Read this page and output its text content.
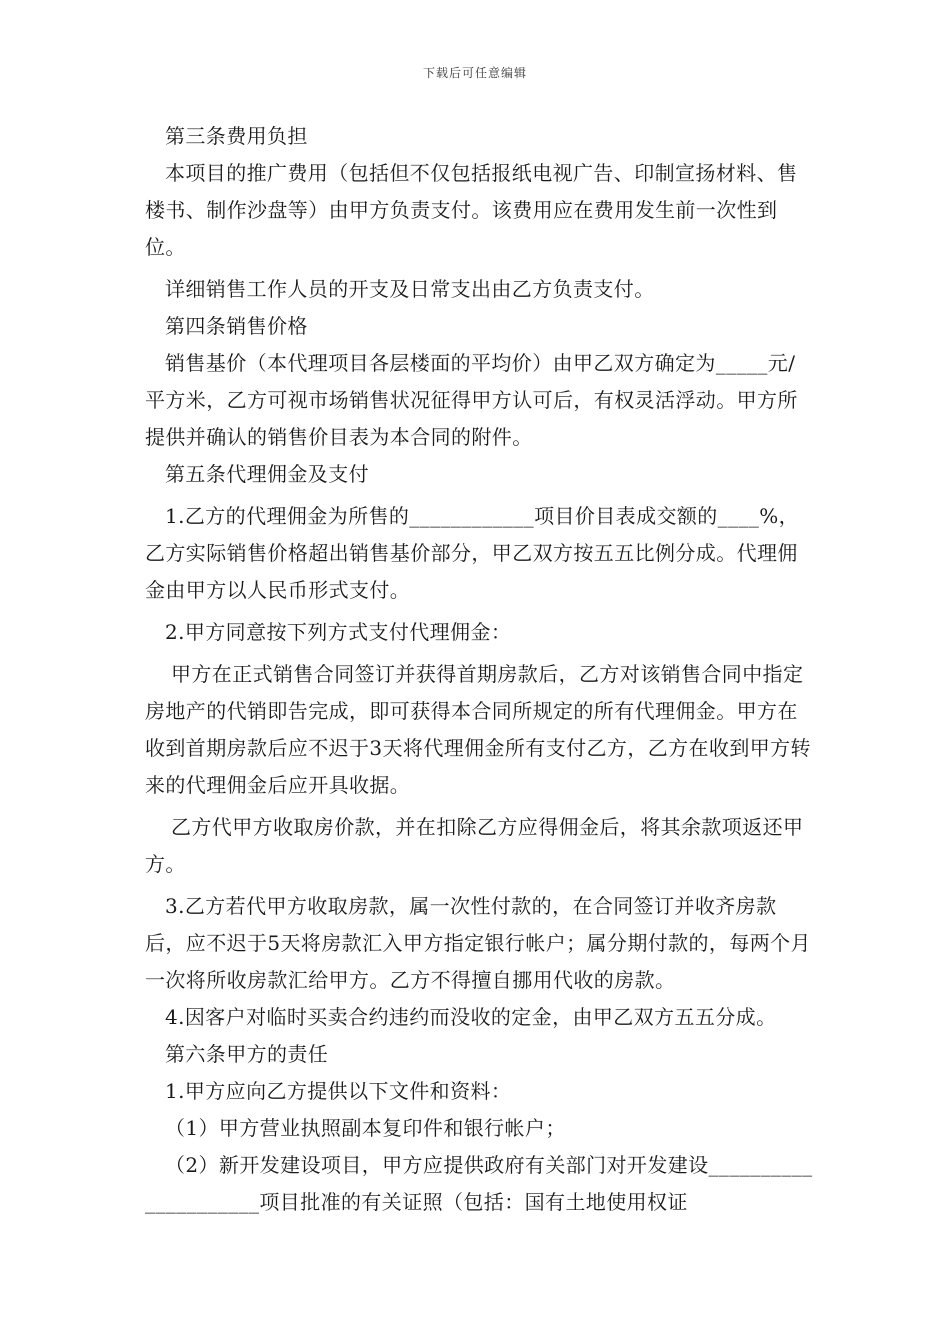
下载后可任意编辑

第三条费用负担

本项目的推广费用（包括但不仅包括报纸电视广告、印制宣扬材料、售楼书、制作沙盘等）由甲方负责支付。该费用应在费用发生前一次性到位。

详细销售工作人员的开支及日常支出由乙方负责支付。

第四条销售价格

销售基价（本代理项目各层楼面的平均价）由甲乙双方确定为_____元/平方米，乙方可视市场销售状况征得甲方认可后，有权灵活浮动。甲方所提供并确认的销售价目表为本合同的附件。

第五条代理佣金及支付

1.乙方的代理佣金为所售的____________项目价目表成交额的____%，乙方实际销售价格超出销售基价部分，甲乙双方按五五比例分成。代理佣金由甲方以人民币形式支付。

2.甲方同意按下列方式支付代理佣金：

甲方在正式销售合同签订并获得首期房款后，乙方对该销售合同中指定房地产的代销即告完成，即可获得本合同所规定的所有代理佣金。甲方在收到首期房款后应不迟于3天将代理佣金所有支付乙方，乙方在收到甲方转来的代理佣金后应开具收据。

乙方代甲方收取房价款，并在扣除乙方应得佣金后，将其余款项返还甲方。

3.乙方若代甲方收取房款，属一次性付款的，在合同签订并收齐房款后，应不迟于5天将房款汇入甲方指定银行帐户；属分期付款的，每两个月一次将所收房款汇给甲方。乙方不得擅自挪用代收的房款。

4.因客户对临时买卖合约违约而没收的定金，由甲乙双方五五分成。

第六条甲方的责任

1.甲方应向乙方提供以下文件和资料：

（1）甲方营业执照副本复印件和银行帐户；

（2）新开发建设项目，甲方应提供政府有关部门对开发建设_____________________项目批准的有关证照（包括：国有土地使用权证
